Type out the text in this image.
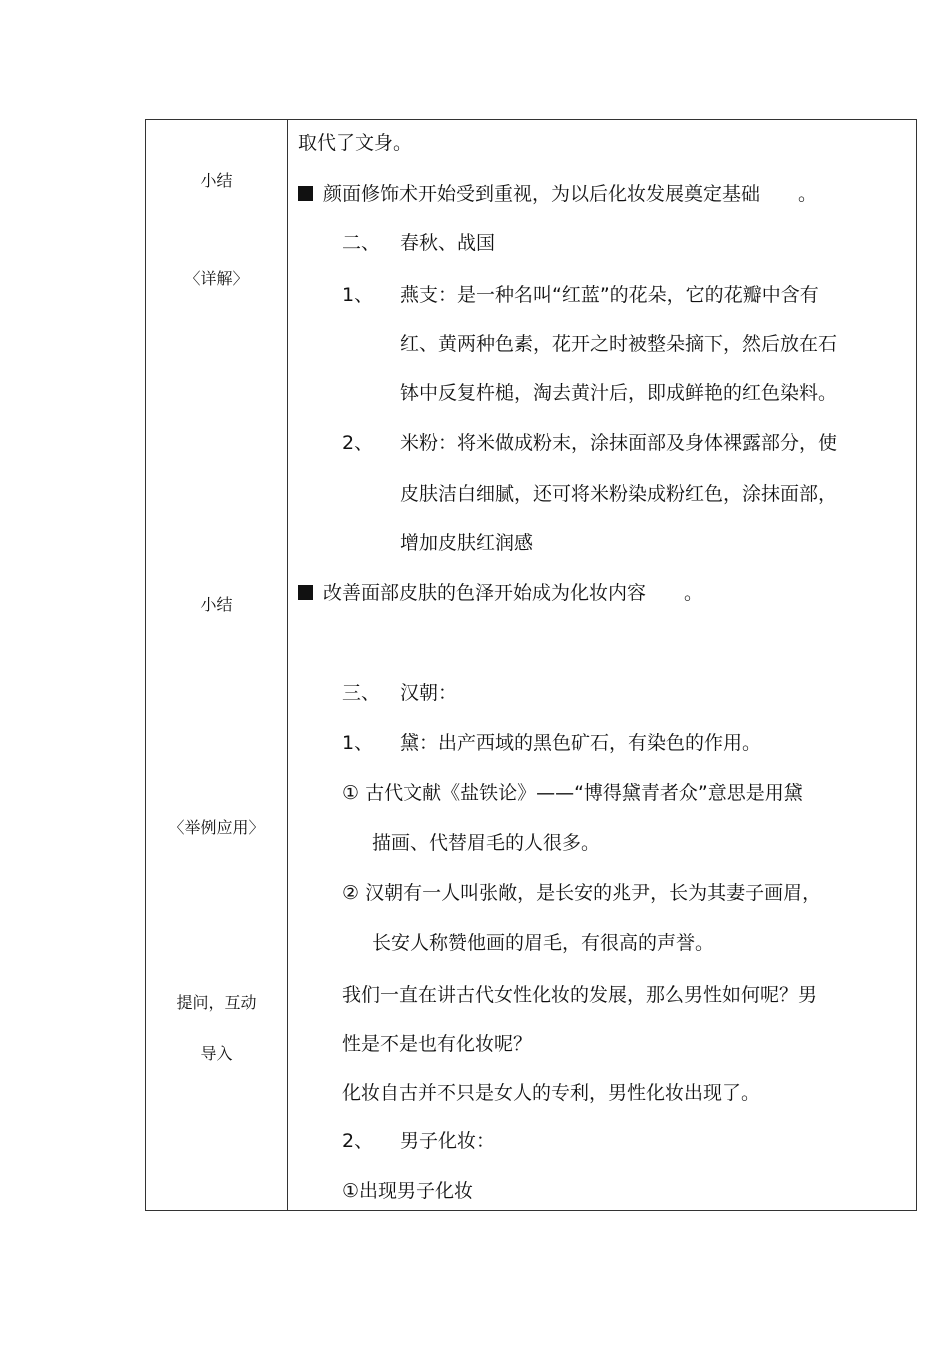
小结
〈详解〉
小结
〈举例应用〉
提问，互动
导入
取代了文身。
颜面修饰术开始受到重视，为以后化妆发展奠定基础　　。
二、 春秋、战国
1、 燕支：是一种名叫“红蓝”的花朵，它的花瓣中含有
红、黄两种色素，花开之时被整朵摘下，然后放在石
钵中反复杵槌，淘去黄汁后，即成鲜艳的红色染料。
2、 米粉：将米做成粉末，涂抹面部及身体裸露部分，使
皮肤洁白细腻，还可将米粉染成粉红色，涂抹面部，
增加皮肤红润感
改善面部皮肤的色泽开始成为化妆内容　　。
三、 汉朝：
1、 黛：出产西域的黑色矿石，有染色的作用。
① 古代文献《盐铁论》——“博得黛青者众”意思是用黛
描画、代替眉毛的人很多。
② 汉朝有一人叫张敞，是长安的兆尹，长为其妻子画眉，
长安人称赞他画的眉毛，有很高的声誉。
我们一直在讲古代女性化妆的发展，那么男性如何呢？男
性是不是也有化妆呢？
化妆自古并不只是女人的专利，男性化妆出现了。
2、 男子化妆：
①出现男子化妆
